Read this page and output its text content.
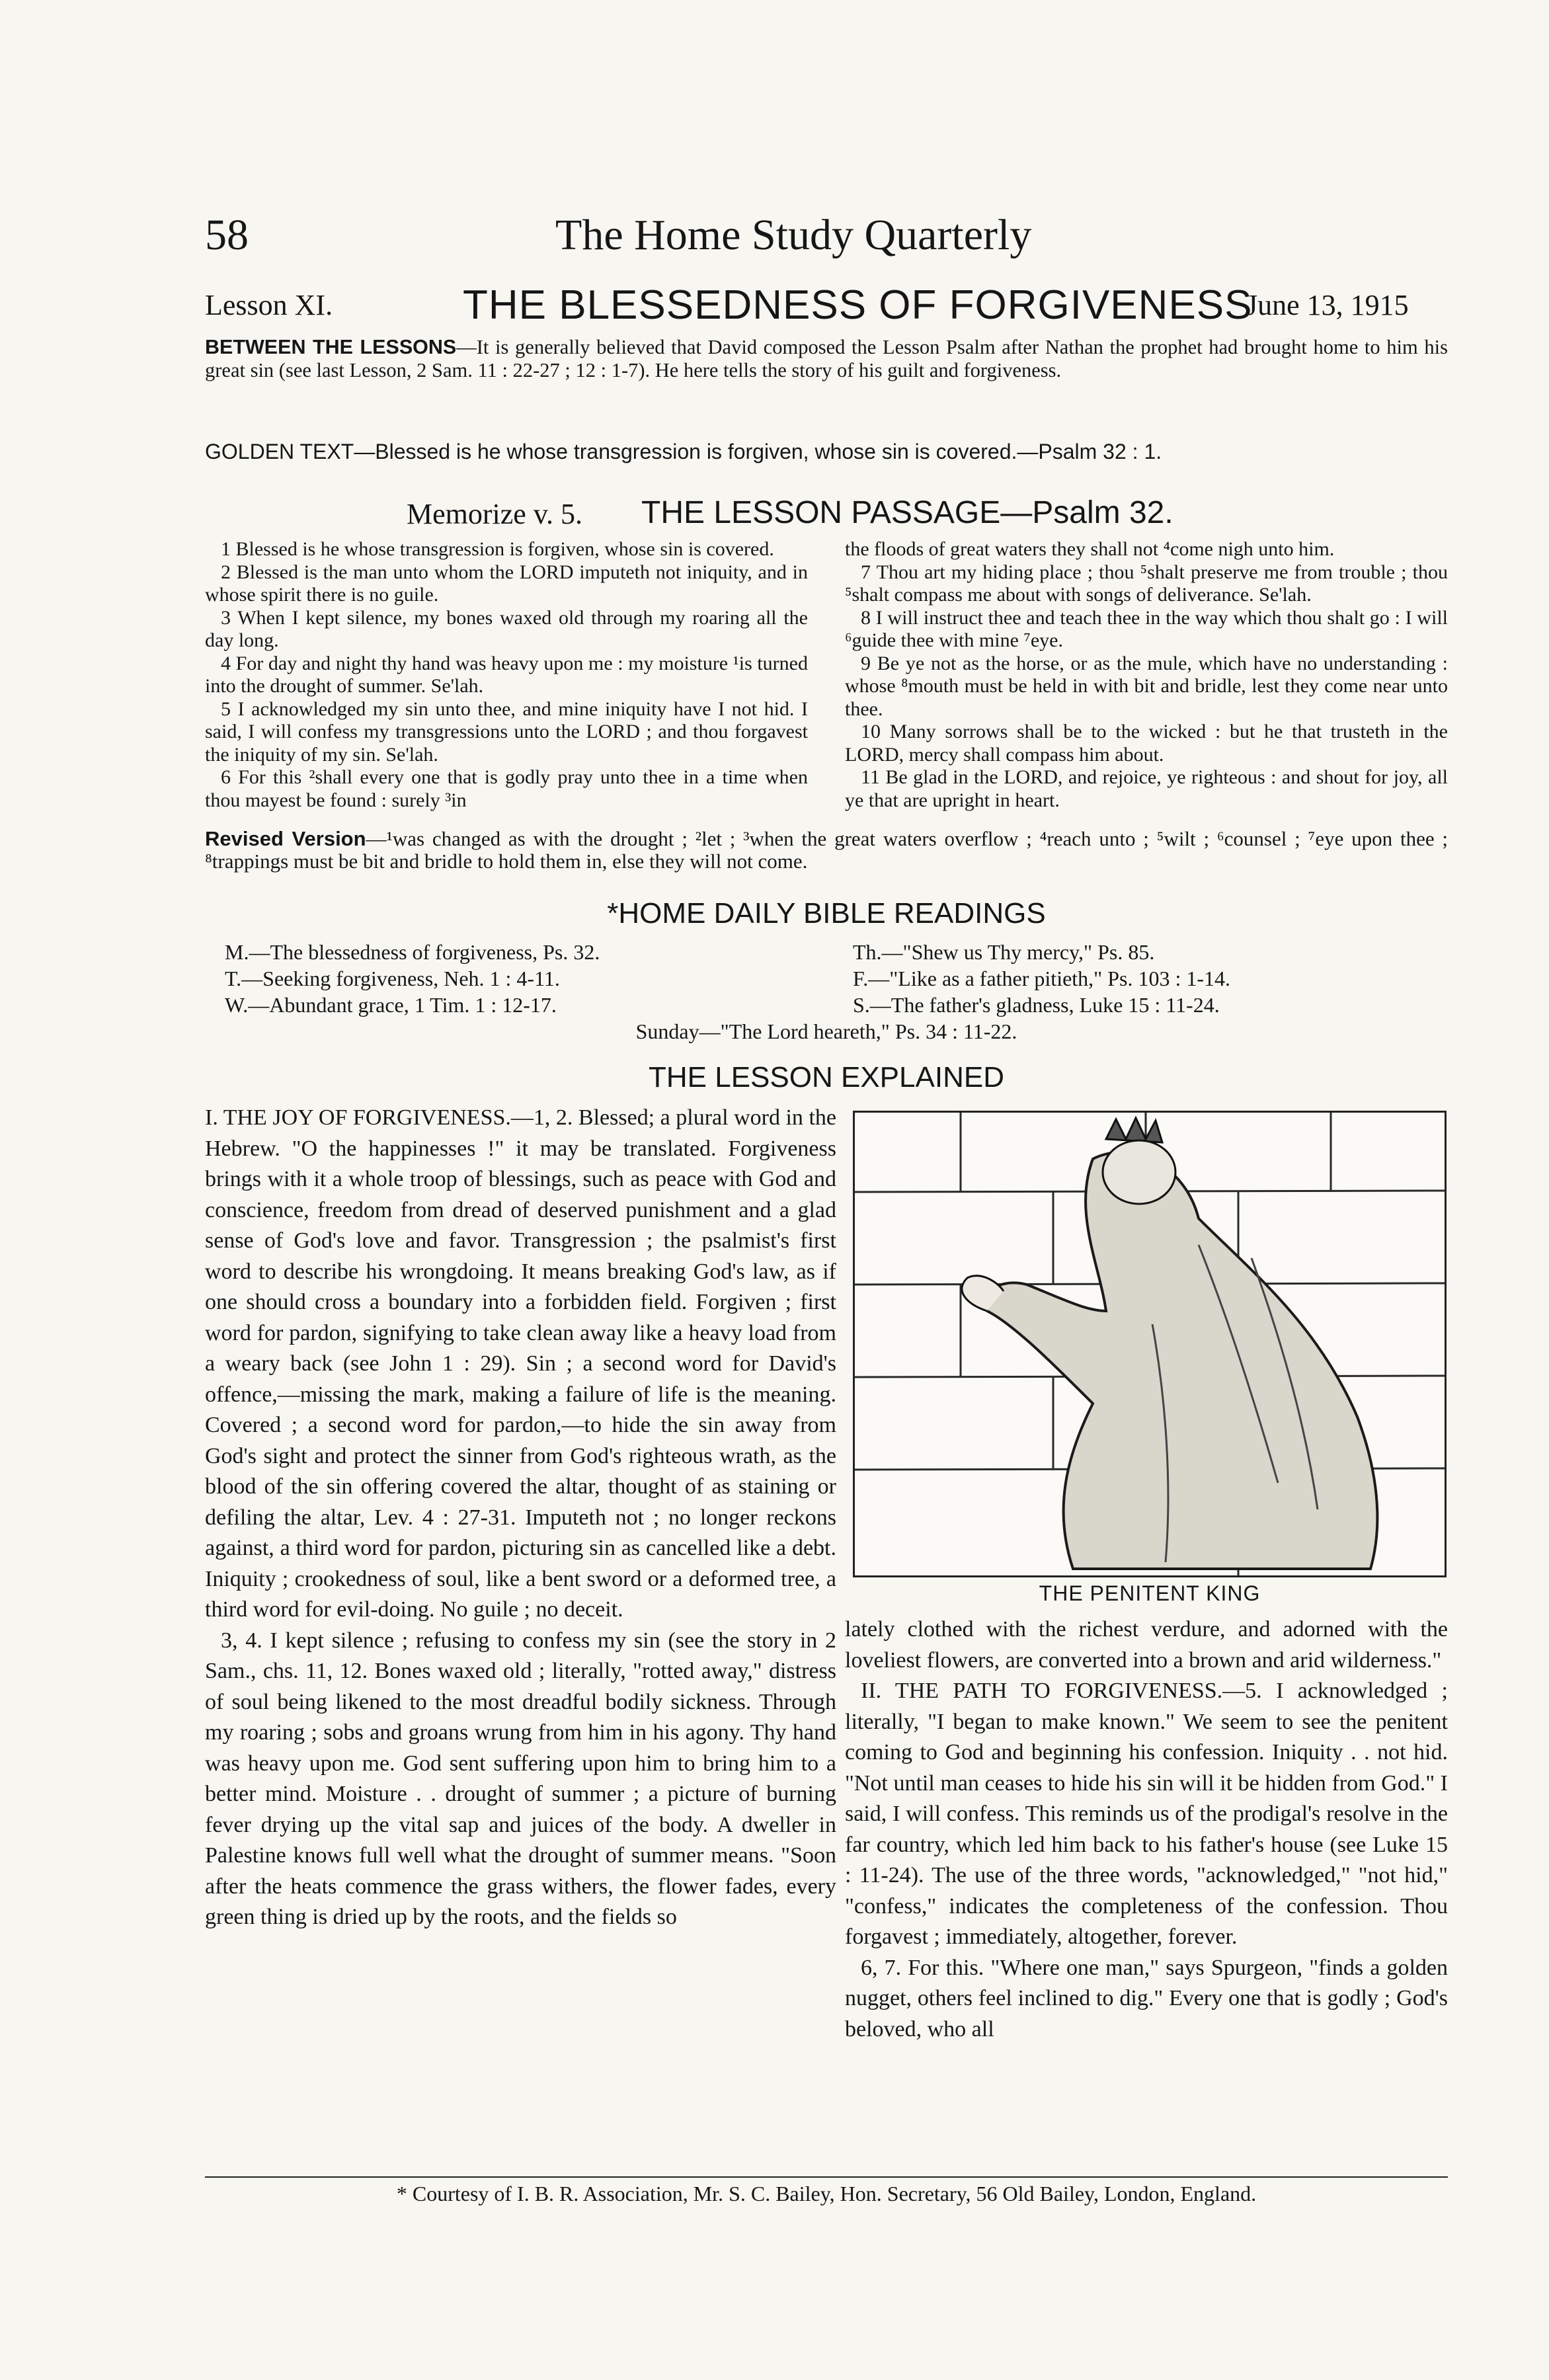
58	The Home Study Quarterly
Lesson XI.	THE BLESSEDNESS OF FORGIVENESS
June 13, 1915
BETWEEN THE LESSONS—It is generally believed that David composed the Lesson Psalm after Nathan the prophet had brought home to him his great sin (see last Lesson, 2 Sam. 11 : 22-27 ; 12 : 1-7). He here tells the story of his guilt and forgiveness.
GOLDEN TEXT—Blessed is he whose transgression is forgiven, whose sin is covered.—Psalm 32 : 1.
Memorize v. 5. THE LESSON PASSAGE—Psalm 32.

1 Blessed is he whose transgression is forgiven, whose sin is covered.

2 Blessed is the man unto whom the LORD imputeth not iniquity, and in whose spirit there is no guile.

3 When I kept silence, my bones waxed old through my roaring all the day long.

4 For day and night thy hand was heavy upon me : my moisture ¹is turned into the drought of summer. Se'lah.

5 I acknowledged my sin unto thee, and mine iniquity have I not hid. I said, I will confess my transgressions unto the LORD ; and thou forgavest the iniquity of my sin. Se'lah.

6 For this ²shall every one that is godly pray unto thee in a time when thou mayest be found : surely ³in

the floods of great waters they shall not ⁴come nigh unto him.

7 Thou art my hiding place ; thou ⁵shalt preserve me from trouble ; thou ⁵shalt compass me about with songs of deliverance. Se'lah.

8 I will instruct thee and teach thee in the way which thou shalt go : I will ⁶guide thee with mine ⁷eye.

9 Be ye not as the horse, or as the mule, which have no understanding : whose ⁸mouth must be held in with bit and bridle, lest they come near unto thee.

10 Many sorrows shall be to the wicked : but he that trusteth in the LORD, mercy shall compass him about.

11 Be glad in the LORD, and rejoice, ye righteous : and shout for joy, all ye that are upright in heart.

Revised Version—¹was changed as with the drought ; ²let ; ³when the great waters overflow ; ⁴reach unto ; ⁵wilt ; ⁶counsel ; ⁷eye upon thee ; ⁸trappings must be bit and bridle to hold them in, else they will not come.
*HOME DAILY BIBLE READINGS
M.—The blessedness of forgiveness, Ps. 32.
T.—Seeking forgiveness, Neh. 1 : 4-11.
W.—Abundant grace, 1 Tim. 1 : 12-17.
Th.—"Shew us Thy mercy," Ps. 85.
F.—"Like as a father pitieth," Ps. 103 : 1-14.
S.—The father's gladness, Luke 15 : 11-24.
Sunday—"The Lord heareth," Ps. 34 : 11-22.
THE LESSON EXPLAINED

I. THE JOY OF FORGIVENESS.—1, 2. Blessed; a plural word in the Hebrew. "O the happinesses !" it may be translated. Forgiveness brings with it a whole troop of blessings, such as peace with God and conscience, freedom from dread of deserved punishment and a glad sense of God's love and favor. Transgression ; the psalmist's first word to describe his wrongdoing. It means breaking God's law, as if one should cross a boundary into a forbidden field. Forgiven ; first word for pardon, signifying to take clean away like a heavy load from a weary back (see John 1 : 29). Sin ; a second word for David's offence,—missing the mark, making a failure of life is the meaning. Covered ; a second word for pardon,—to hide the sin away from God's sight and protect the sinner from God's righteous wrath, as the blood of the sin offering covered the altar, thought of as staining or defiling the altar, Lev. 4 : 27-31. Imputeth not ; no longer reckons against, a third word for pardon, picturing sin as cancelled like a debt. Iniquity ; crookedness of soul, like a bent sword or a deformed tree, a third word for evil-doing. No guile ; no deceit.

3, 4. I kept silence ; refusing to confess my sin (see the story in 2 Sam., chs. 11, 12. Bones waxed old ; literally, "rotted away," distress of soul being likened to the most dreadful bodily sickness. Through my roaring ; sobs and groans wrung from him in his agony. Thy hand was heavy upon me. God sent suffering upon him to bring him to a better mind. Moisture . . drought of summer ; a picture of burning fever drying up the vital sap and juices of the body. A dweller in Palestine knows full well what the drought of summer means. "Soon after the heats commence the grass withers, the flower fades, every green thing is dried up by the roots, and the fields so

THE PENITENT KING

lately clothed with the richest verdure, and adorned with the loveliest flowers, are converted into a brown and arid wilderness."

II. THE PATH TO FORGIVENESS.—5. I acknowledged ; literally, "I began to make known." We seem to see the penitent coming to God and beginning his confession. Iniquity . . not hid. "Not until man ceases to hide his sin will it be hidden from God." I said, I will confess. This reminds us of the prodigal's resolve in the far country, which led him back to his father's house (see Luke 15 : 11-24). The use of the three words, "acknowledged," "not hid," "confess," indicates the completeness of the confession. Thou forgavest ; immediately, altogether, forever.

6, 7. For this. "Where one man," says Spurgeon, "finds a golden nugget, others feel inclined to dig." Every one that is godly ; God's beloved, who all

* Courtesy of I. B. R. Association, Mr. S. C. Bailey, Hon. Secretary, 56 Old Bailey, London, England.
